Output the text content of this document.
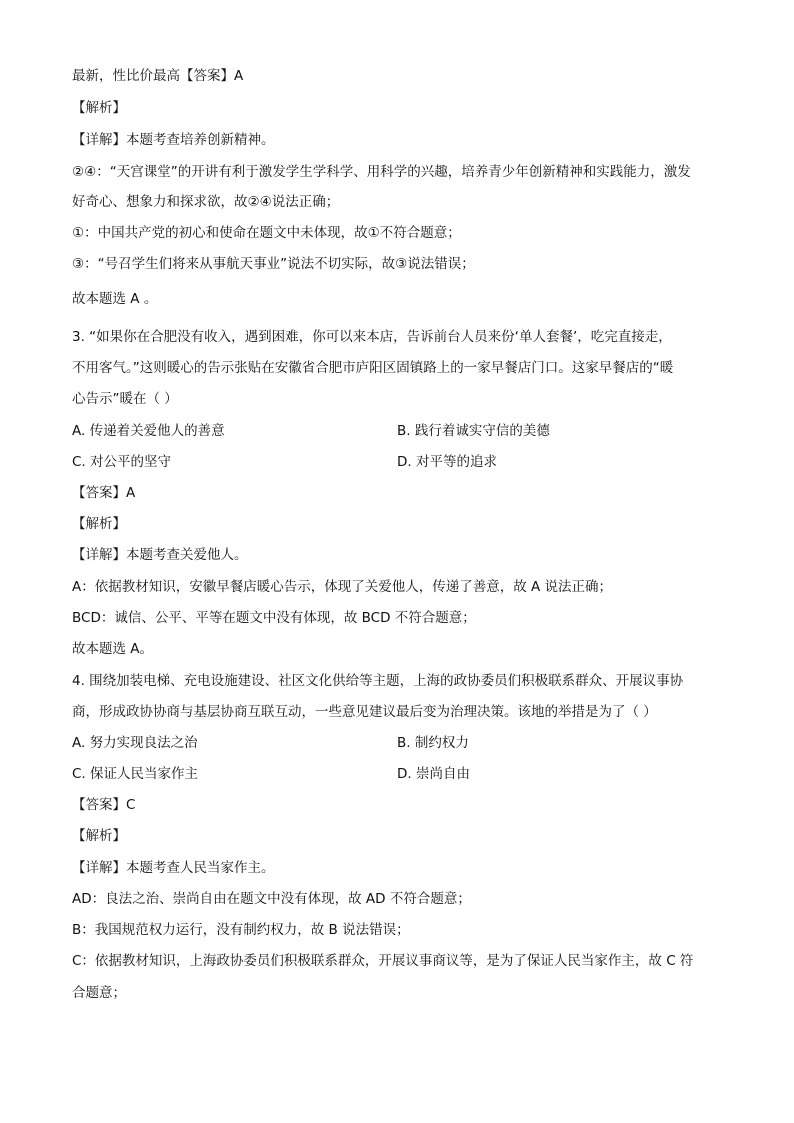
最新，性比价最高【答案】A
【解析】
【详解】本题考查培养创新精神。
②④：“天宫课堂”的开讲有利于激发学生学科学、用科学的兴趣，培养青少年创新精神和实践能力，激发
好奇心、想象力和探求欲，故②④说法正确；
①：中国共产党的初心和使命在题文中未体现，故①不符合题意；
③：“号召学生们将来从事航天事业”说法不切实际，故③说法错误；
故本题选 A 。
3. “如果你在合肥没有收入，遇到困难，你可以来本店，告诉前台人员来份‘单人套餐’，吃完直接走，
不用客气。”这则暖心的告示张贴在安徽省合肥市庐阳区固镇路上的一家早餐店门口。这家早餐店的“暖
心告示”暖在（ ）
A. 传递着关爱他人的善意	B. 践行着诚实守信的美德
C. 对公平的坚守	D. 对平等的追求
【答案】A
【解析】
【详解】本题考查关爱他人。
A：依据教材知识，安徽早餐店暖心告示，体现了关爱他人，传递了善意，故 A 说法正确；
BCD：诚信、公平、平等在题文中没有体现，故 BCD 不符合题意；
故本题选 A。
4. 围绕加装电梯、充电设施建设、社区文化供给等主题，上海的政协委员们积极联系群众、开展议事协
商，形成政协协商与基层协商互联互动，一些意见建议最后变为治理决策。该地的举措是为了（ ）
A. 努力实现良法之治	B. 制约权力
C. 保证人民当家作主	D. 崇尚自由
【答案】C
【解析】
【详解】本题考查人民当家作主。
AD：良法之治、崇尚自由在题文中没有体现，故 AD 不符合题意；
B：我国规范权力运行，没有制约权力，故 B 说法错误；
C：依据教材知识，上海政协委员们积极联系群众，开展议事商议等，是为了保证人民当家作主，故 C 符
合题意；
